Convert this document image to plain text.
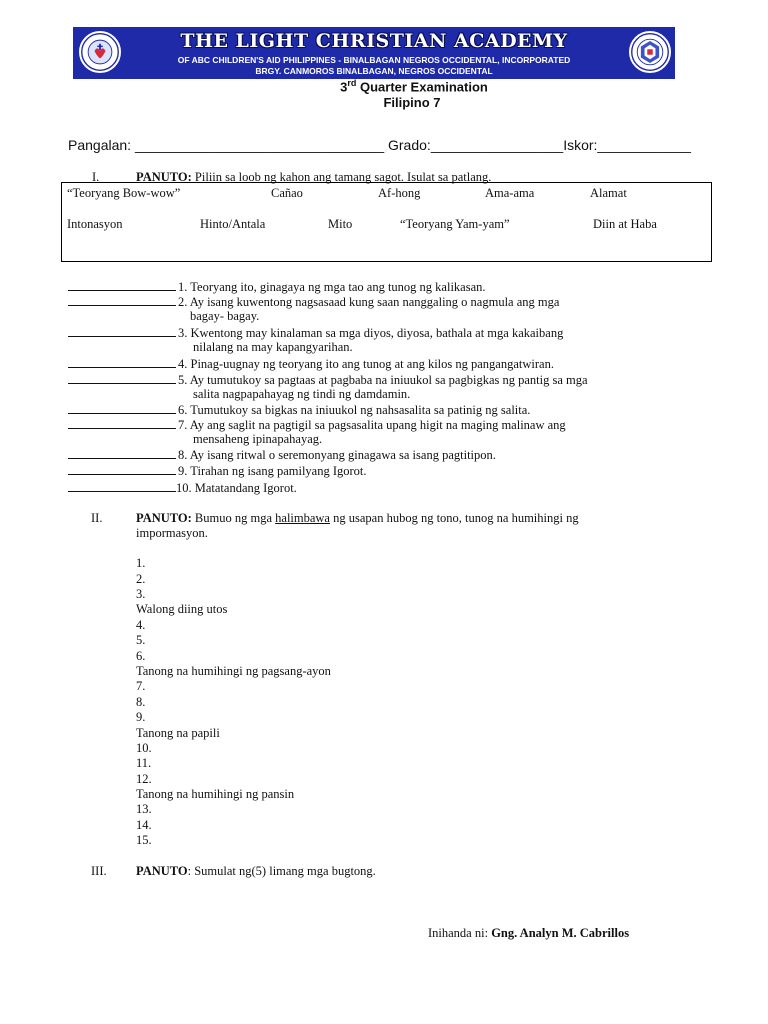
THE LIGHT CHRISTIAN ACADEMY
OF ABC CHILDREN'S AID PHILIPPINES - BINALBAGAN NEGROS OCCIDENTAL, INCORPORATED
BRGY. CANMOROS BINALBAGAN, NEGROS OCCIDENTAL
3rd Quarter Examination
Filipino 7
Pangalan: ________________________________ Grado:_________________Iskor:____________
I.	PANUTO: Piliin sa loob ng kahon ang tamang sagot. Isulat sa patlang.
“Teoryang Bow-wow”	Cañao	Af-hong	Ama-ama	Alamat
Intonasyon	Hinto/Antala	Mito	“Teoryang Yam-yam”	Diin at Haba
1. Teoryang ito, ginagaya ng mga tao ang tunog ng kalikasan.
2. Ay isang kuwentong nagsasaad kung saan nanggaling o nagmula ang mga
bagay- bagay.
3. Kwentong may kinalaman sa mga diyos, diyosa, bathala at mga kakaibang
nilalang na may kapangyarihan.
4. Pinag-uugnay ng teoryang ito ang tunog at ang kilos ng pangangatwiran.
5. Ay tumutukoy sa pagtaas at pagbaba na iniuukol sa pagbigkas ng pantig sa mga
salita nagpapahayag ng tindi ng damdamin.
6. Tumutukoy sa bigkas na iniuukol ng nahsasalita sa patinig ng salita.
7. Ay ang saglit na pagtigil sa pagsasalita upang higit na maging malinaw ang
mensaheng ipinapahayag.
8. Ay isang ritwal o seremonyang ginagawa sa isang pagtitipon.
9. Tirahan ng isang pamilyang Igorot.
10. Matatandang Igorot.
II.	PANUTO: Bumuo ng mga halimbawa ng usapan hubog ng tono, tunog na humihingi ng
impormasyon.
1.
2.
3.
Walong diing utos
4.
5.
6.
Tanong na humihingi ng pagsang-ayon
7.
8.
9.
Tanong na papili
10.
11.
12.
Tanong na humihingi ng pansin
13.
14.
15.
III. PANUTO: Sumulat ng(5) limang mga bugtong.
Inihanda ni: Gng. Analyn M. Cabrillos
